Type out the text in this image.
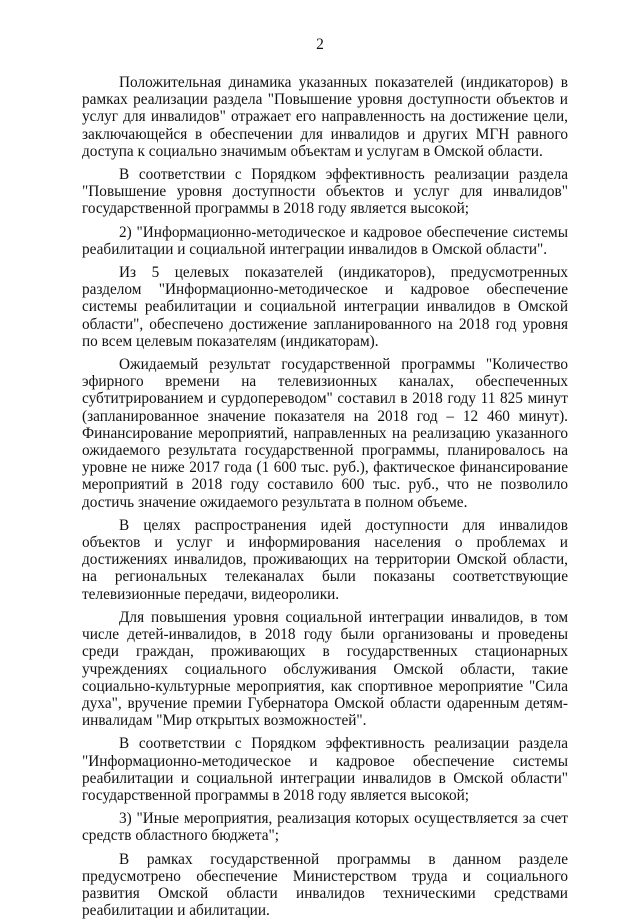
2

Положительная динамика указанных показателей (индикаторов) в рамках реализации раздела "Повышение уровня доступности объектов и услуг для инвалидов" отражает его направленность на достижение цели, заключающейся в обеспечении для инвалидов и других МГН равного доступа к социально значимым объектам и услугам в Омской области.

В соответствии с Порядком эффективность реализации раздела "Повышение уровня доступности объектов и услуг для инвалидов" государственной программы в 2018 году является высокой;

2) "Информационно-методическое и кадровое обеспечение системы реабилитации и социальной интеграции инвалидов в Омской области".

Из 5 целевых показателей (индикаторов), предусмотренных разделом "Информационно-методическое и кадровое обеспечение системы реабилитации и социальной интеграции инвалидов в Омской области", обеспечено достижение запланированного на 2018 год уровня по всем целевым показателям (индикаторам).

Ожидаемый результат государственной программы "Количество эфирного времени на телевизионных каналах, обеспеченных субтитрированием и сурдопереводом" составил в 2018 году 11 825 минут (запланированное значение показателя на 2018 год – 12 460 минут). Финансирование мероприятий, направленных на реализацию указанного ожидаемого результата государственной программы, планировалось на уровне не ниже 2017 года (1 600 тыс. руб.), фактическое финансирование мероприятий в 2018 году составило 600 тыс. руб., что не позволило достичь значение ожидаемого результата в полном объеме.

В целях распространения идей доступности для инвалидов объектов и услуг и информирования населения о проблемах и достижениях инвалидов, проживающих на территории Омской области, на региональных телеканалах были показаны соответствующие телевизионные передачи, видеоролики.

Для повышения уровня социальной интеграции инвалидов, в том числе детей-инвалидов, в 2018 году были организованы и проведены среди граждан, проживающих в государственных стационарных учреждениях социального обслуживания Омской области, такие социально-культурные мероприятия, как спортивное мероприятие "Сила духа", вручение премии Губернатора Омской области одаренным детям-инвалидам "Мир открытых возможностей".

В соответствии с Порядком эффективность реализации раздела "Информационно-методическое и кадровое обеспечение системы реабилитации и социальной интеграции инвалидов в Омской области" государственной программы в 2018 году является высокой;

3) "Иные мероприятия, реализация которых осуществляется за счет средств областного бюджета";

В рамках государственной программы в данном разделе предусмотрено обеспечение Министерством труда и социального развития Омской области инвалидов техническими средствами реабилитации и абилитации.
